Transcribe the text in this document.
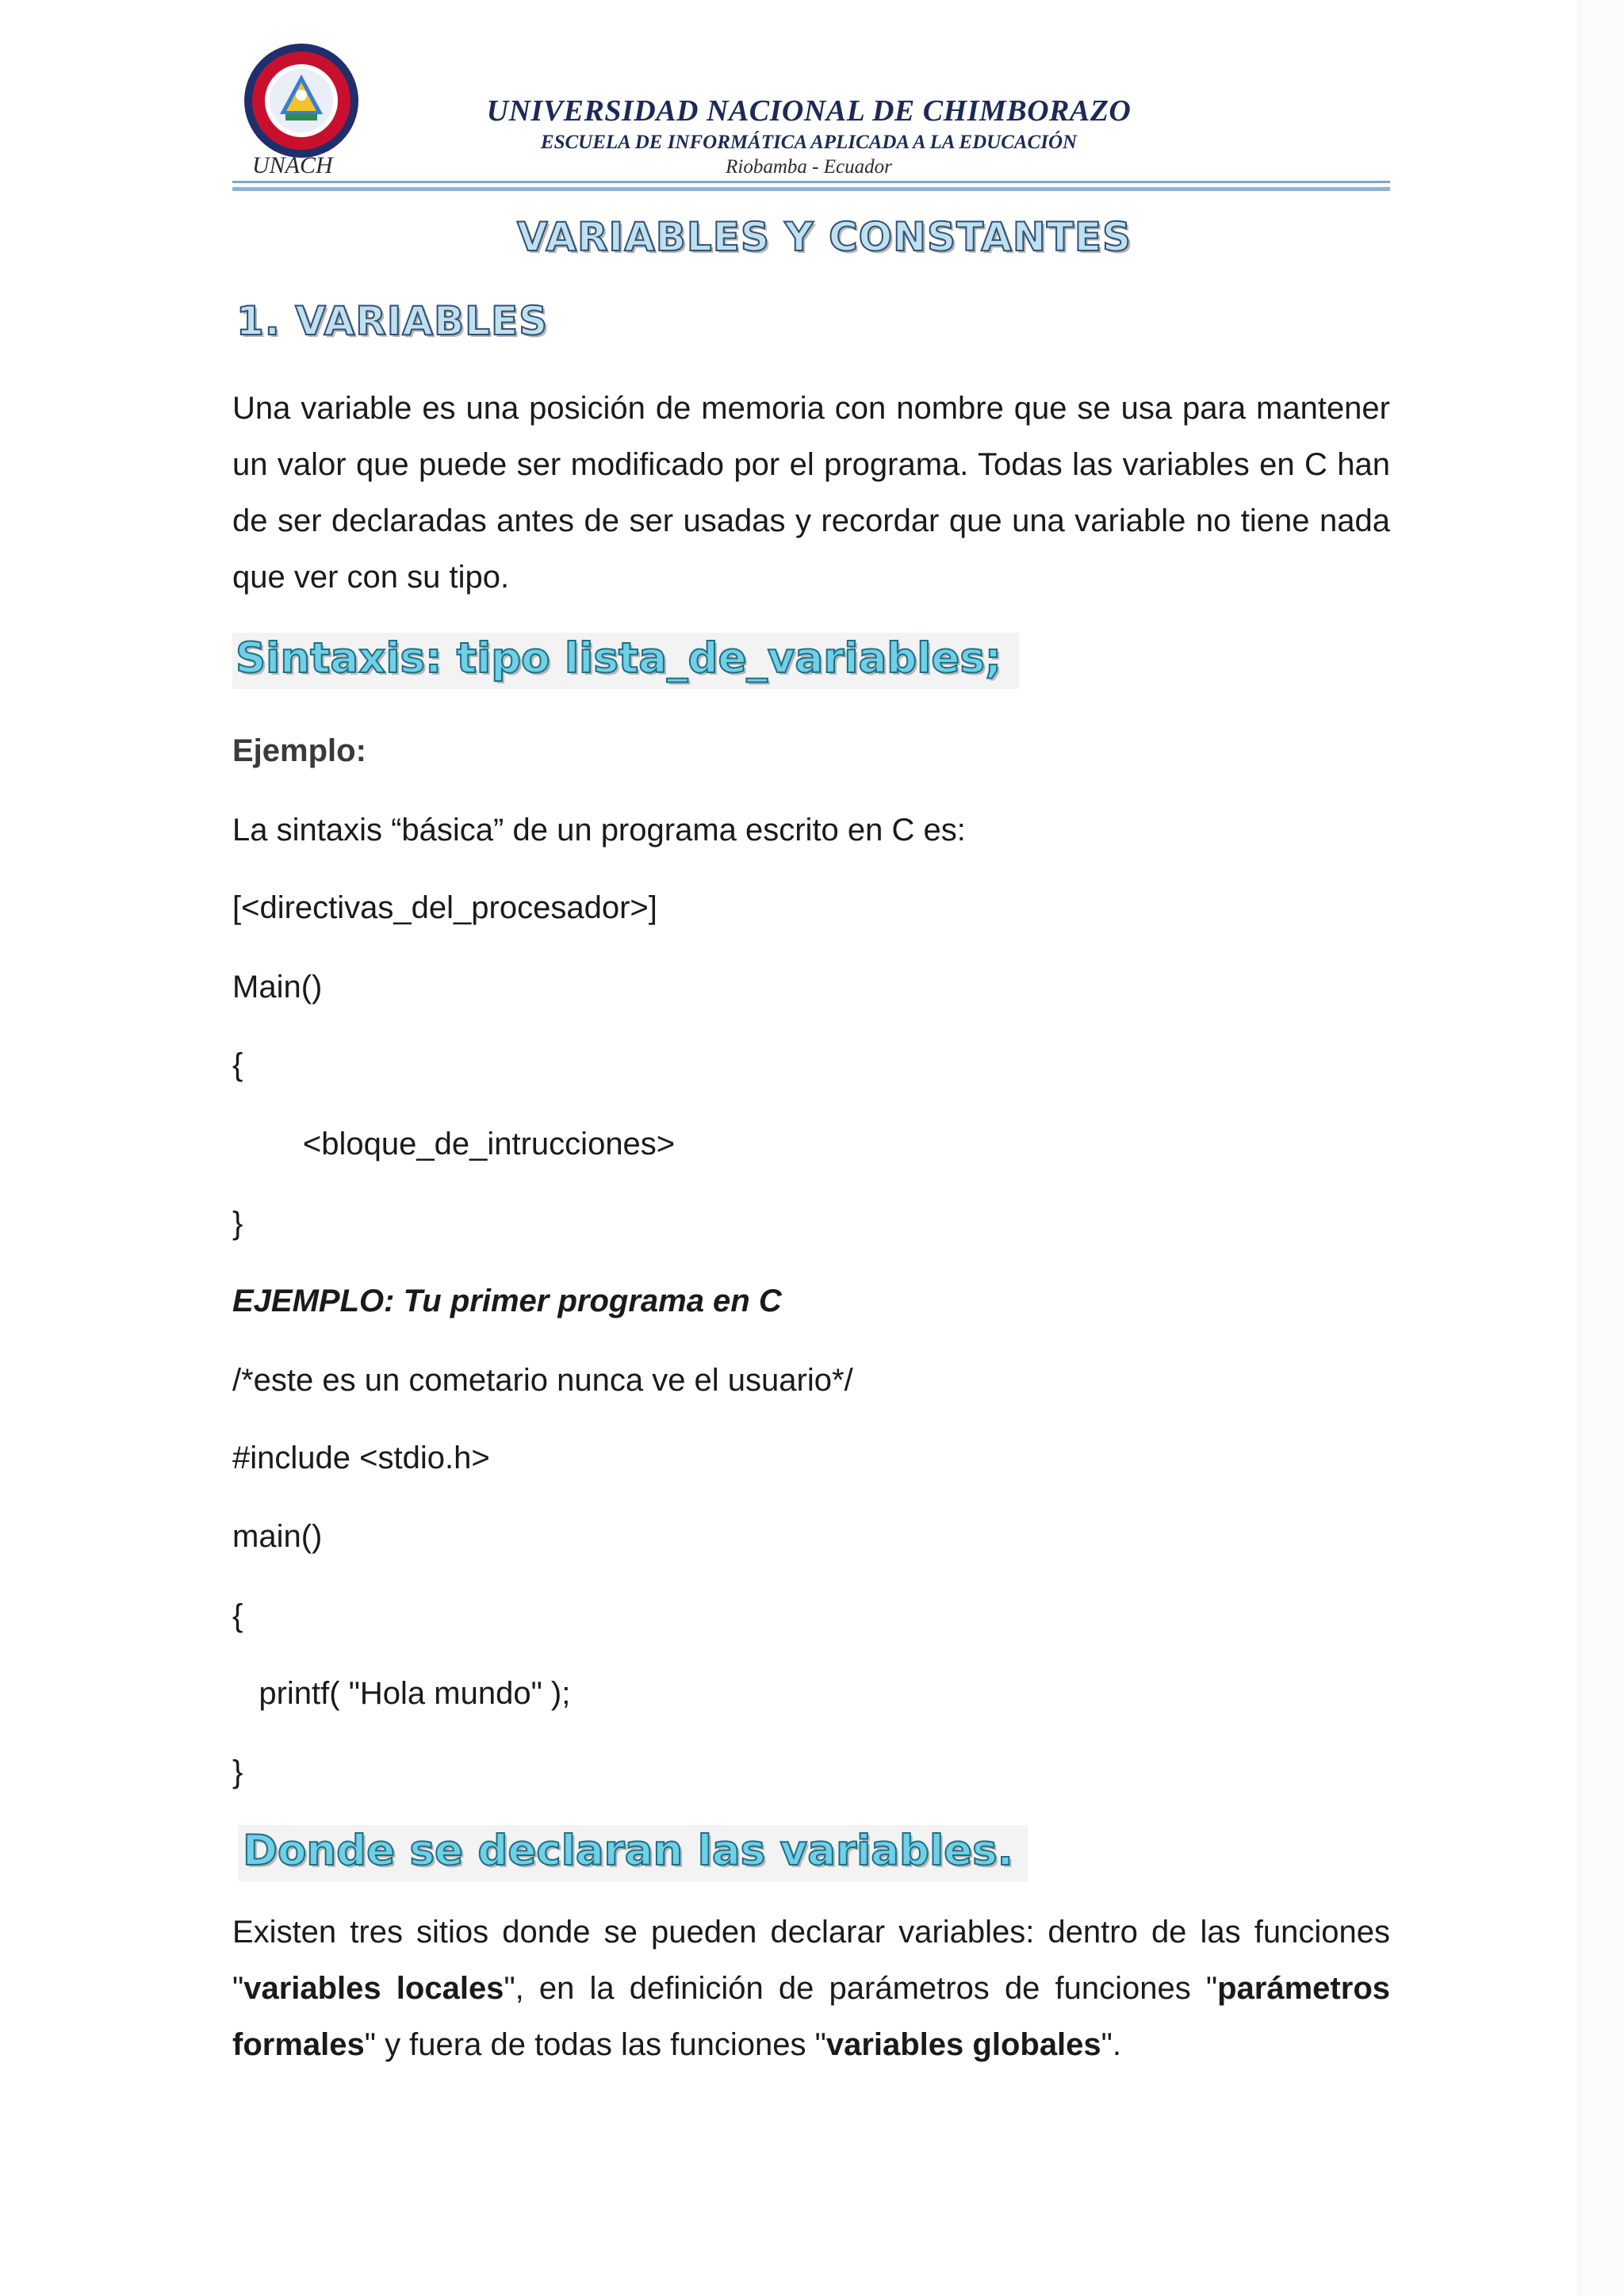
UNACH
UNIVERSIDAD NACIONAL DE CHIMBORAZO
ESCUELA DE INFORMÁTICA APLICADA A LA EDUCACIÓN
Riobamba - Ecuador
VARIABLES Y CONSTANTES
1. VARIABLES
Una variable es una posición de memoria con nombre que se usa para mantener un valor que puede ser modificado por el programa. Todas las variables en C han de ser declaradas antes de ser usadas y recordar que una variable no tiene nada que ver con su tipo.
Sintaxis: tipo lista_de_variables;
Ejemplo:
La sintaxis “básica” de un programa escrito en C es:
[<directivas_del_procesador>]
Main()
{
<bloque_de_intrucciones>
}
EJEMPLO: Tu primer programa en C
/*este es un cometario nunca ve el usuario*/
#include <stdio.h>
main()
{
printf( "Hola mundo" );
}
Donde se declaran las variables.
Existen tres sitios donde se pueden declarar variables: dentro de las funciones "variables locales", en la definición de parámetros de funciones "parámetros formales" y fuera de todas las funciones "variables globales".
